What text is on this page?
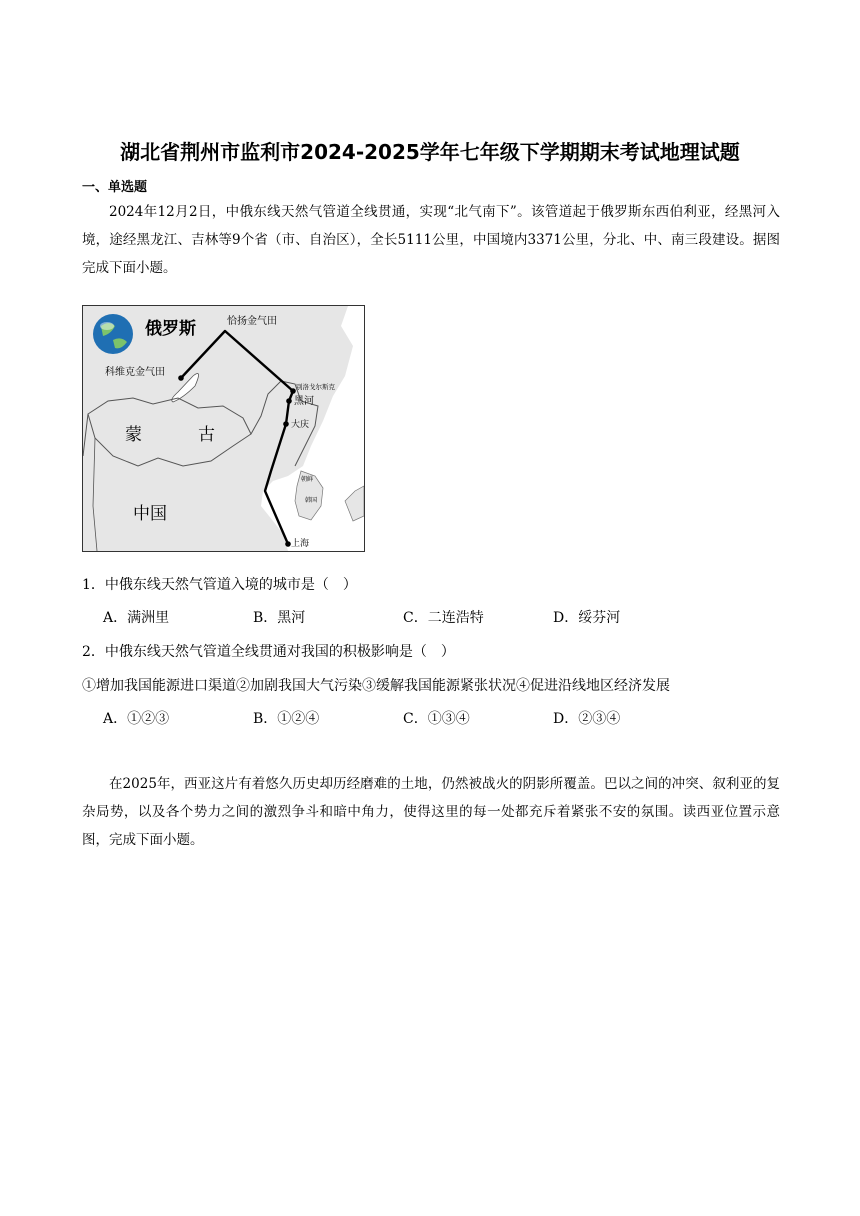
湖北省荆州市监利市2024-2025学年七年级下学期期末考试地理试题
一、单选题

2024年12月2日，中俄东线天然气管道全线贯通，实现“北气南下”。该管道起于俄罗斯东西伯利亚，经黑河入境，途经黑龙江、吉林等9个省（市、自治区），全长5111公里，中国境内3371公里，分北、中、南三段建设。据图完成下面小题。

俄罗斯	恰扬金气田
科维克金气田
别洛戈尔斯克
黑河
大庆
蒙	古
中国
上海
朝鲜
韩国
1．中俄东线天然气管道入境的城市是（　）
A．满洲里	B．黑河	C．二连浩特	D．绥芬河
2．中俄东线天然气管道全线贯通对我国的积极影响是（　）
①增加我国能源进口渠道②加剧我国大气污染③缓解我国能源紧张状况④促进沿线地区经济发展
A．①②③	B．①②④	C．①③④	D．②③④

在2025年，西亚这片有着悠久历史却历经磨难的土地，仍然被战火的阴影所覆盖。巴以之间的冲突、叙利亚的复杂局势，以及各个势力之间的激烈争斗和暗中角力，使得这里的每一处都充斥着紧张不安的氛围。读西亚位置示意图，完成下面小题。
